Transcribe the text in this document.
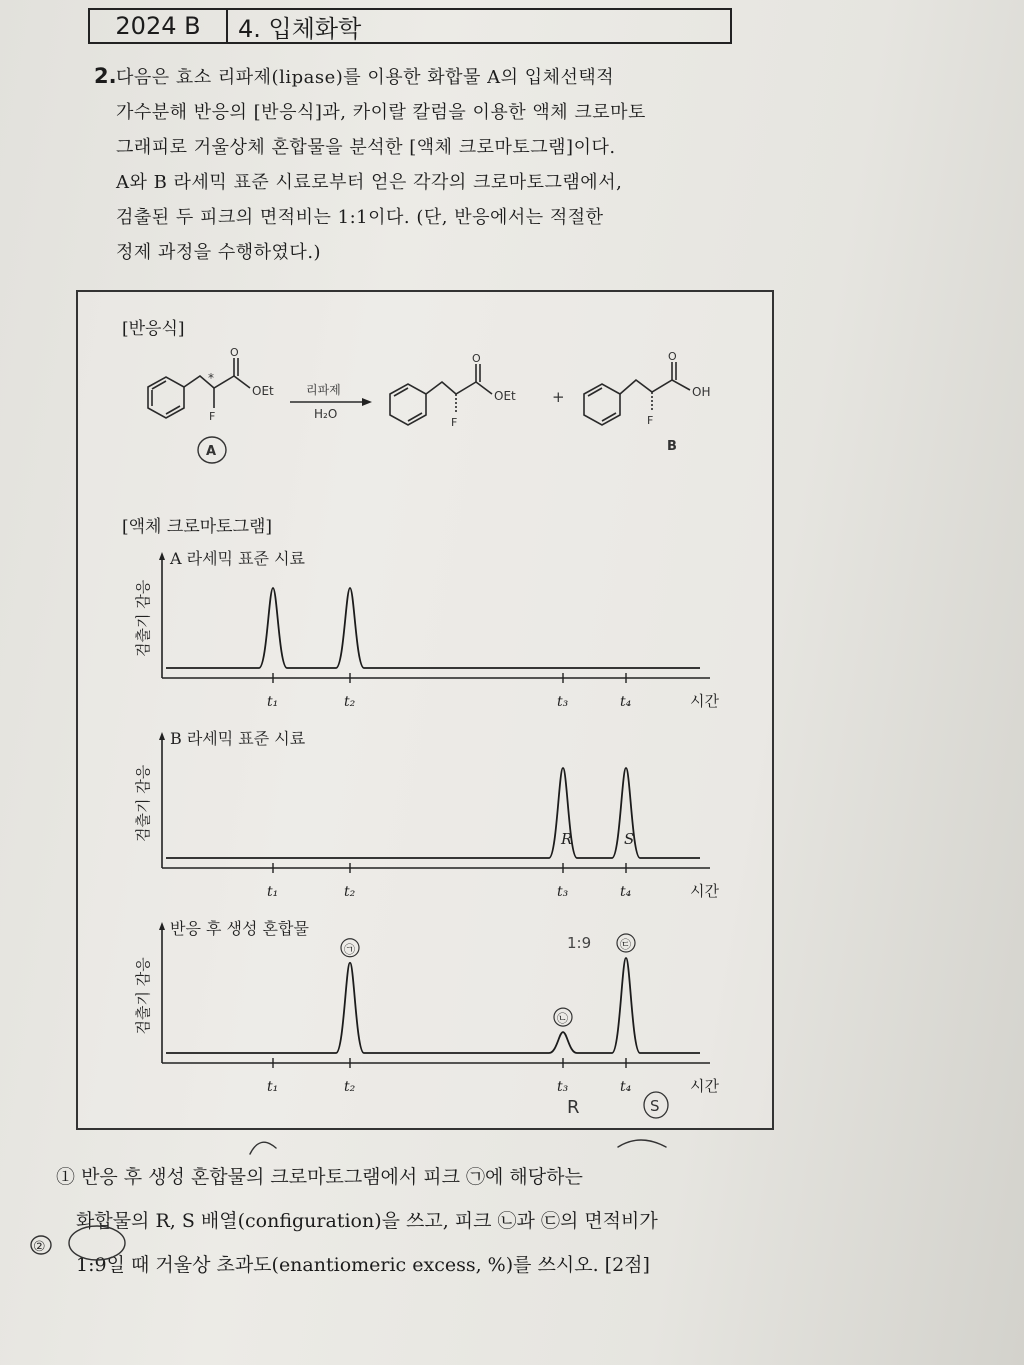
2024 B	4. 입체화학
2. 다음은 효소 리파제(lipase)를 이용한 화합물 A의 입체선택적
가수분해 반응의 [반응식]과, 카이랄 칼럼을 이용한 액체 크로마토
그래피로 거울상체 혼합물을 분석한 [액체 크로마토그램]이다.
A와 B 라세믹 표준 시료로부터 얻은 각각의 크로마토그램에서,
검출된 두 피크의 면적비는 1:1이다. (단, 반응에서는 적절한
정제 과정을 수행하였다.)
[반응식]
[액체 크로마토그램]
O
OEt
F
*
A
리파제
H₂O
O
OEt
F
+
O
OH
F
B
A 라세믹 표준 시료
검출기 감응
시간
t₁	t₂	t₃	t₄
B 라세믹 표준 시료
검출기 감응
시간
t₁	t₂	t₃	t₄
R	S
반응 후 생성 혼합물
검출기 감응
시간
t₁	t₂	t₃	t₄
㉠
㉡
㉢
R	S
1:9
① 반응 후 생성 혼합물의 크로마토그램에서 피크 ㉠에 해당하는
화합물의 R, S 배열(configuration)을 쓰고, 피크 ㉡과 ㉢의 면적비가
1:9일 때 거울상 초과도(enantiomeric excess, %)를 쓰시오. [2점]
②
